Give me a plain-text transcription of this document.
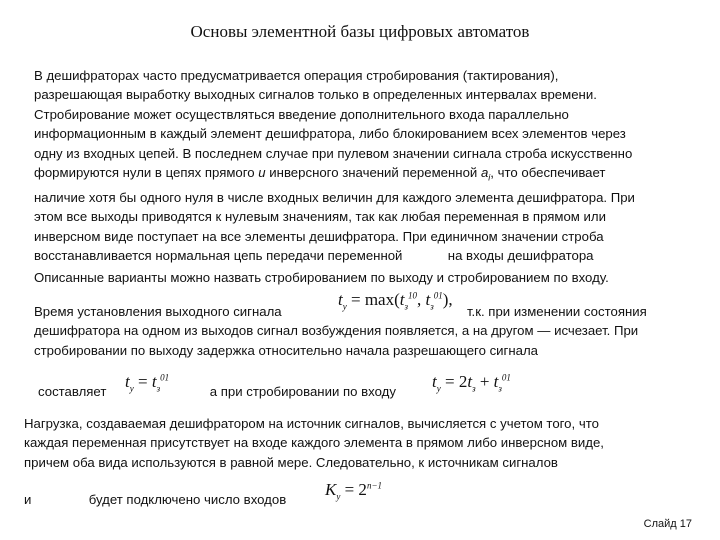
Основы элементной базы цифровых автоматов
В дешифраторах часто предусматривается операция стробирования (тактирования),
разрешающая выработку выходных сигналов только в определенных интервалах времени.
Стробирование может осуществляться введение дополнительного входа параллельно
информационным в каждый элемент дешифратора, либо блокированием всех элементов через
одну из входных цепей. В последнем случае при пулевом значении сигнала строба искусственно
формируются нули в цепях прямого и инверсного значений переменной $a_i$, что обеспечивает
наличие хотя бы одного нуля в числе входных величин для каждого элемента дешифратора. При
этом все выходы приводятся к нулевым значениям, так как любая переменная в прямом или
инверсном виде поступает на все элементы дешифратора. При единичном значении строба
восстанавливается нормальная цепь передачи переменной	на входы дешифратора
Описанные варианты можно назвать стробированием по выходу и стробированием по входу.
Время установления выходного сигнала	т.к. при изменении состояния
дешифратора на одном из выходов сигнал возбуждения появляется, а на другом — исчезает. При
стробировании по выходу задержка относительно начала разрешающего сигнала
$t_у = \max(t_з^{10}$, $t_з^{01}$),
составляет	а при стробировании по входу
$t_у = t_з^{01}$	$t_у = 2t_з + t_з^{01}$
Нагрузка, создаваемая дешифратором на источник сигналов, вычисляется с учетом того, что
каждая переменная присутствует на входе каждого элемента в прямом либо инверсном виде,
причем оба вида используются в равной мере. Следовательно, к источникам сигналов
и	будет подключено число входов
$K_у = 2^{n-1}$
Слайд 17
